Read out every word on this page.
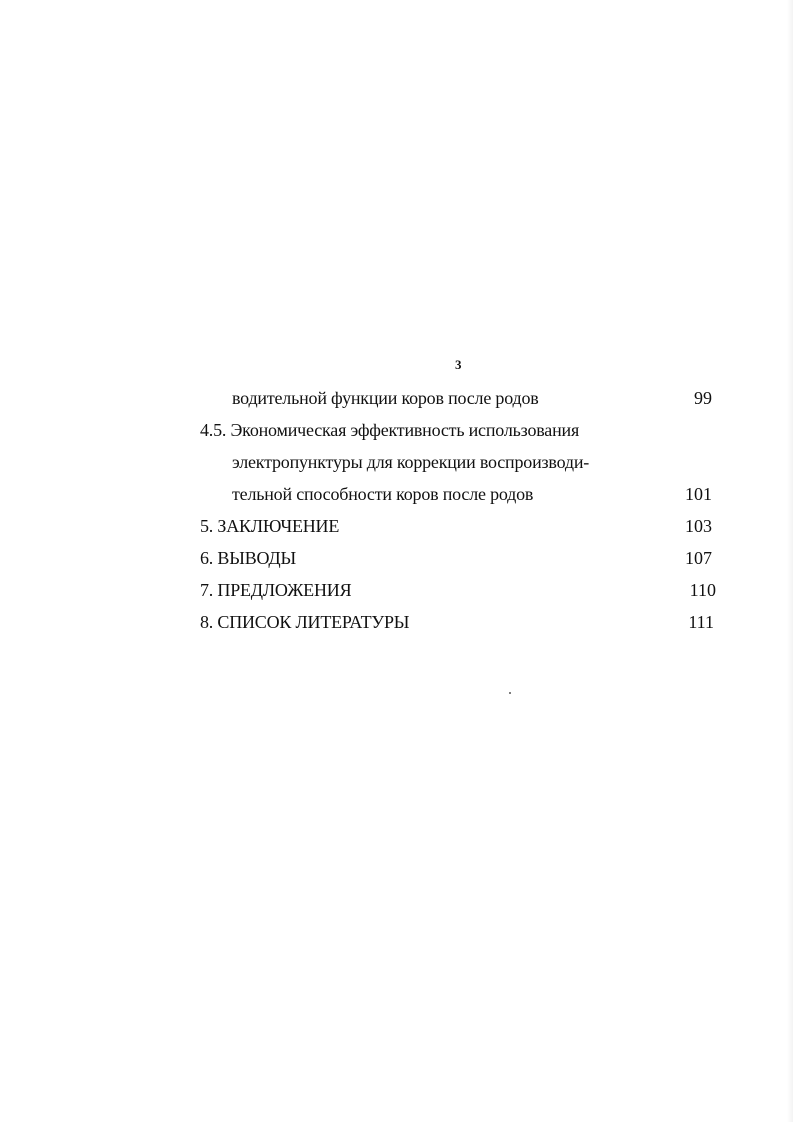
3
водительной функции коров после родов	99
4.5. Экономическая эффективность использования
электропунктуры для коррекции воспроизводи-
тельной способности коров после родов	101
5. ЗАКЛЮЧЕНИЕ	103
6. ВЫВОДЫ	107
7. ПРЕДЛОЖЕНИЯ	110
8. СПИСОК ЛИТЕРАТУРЫ	111
